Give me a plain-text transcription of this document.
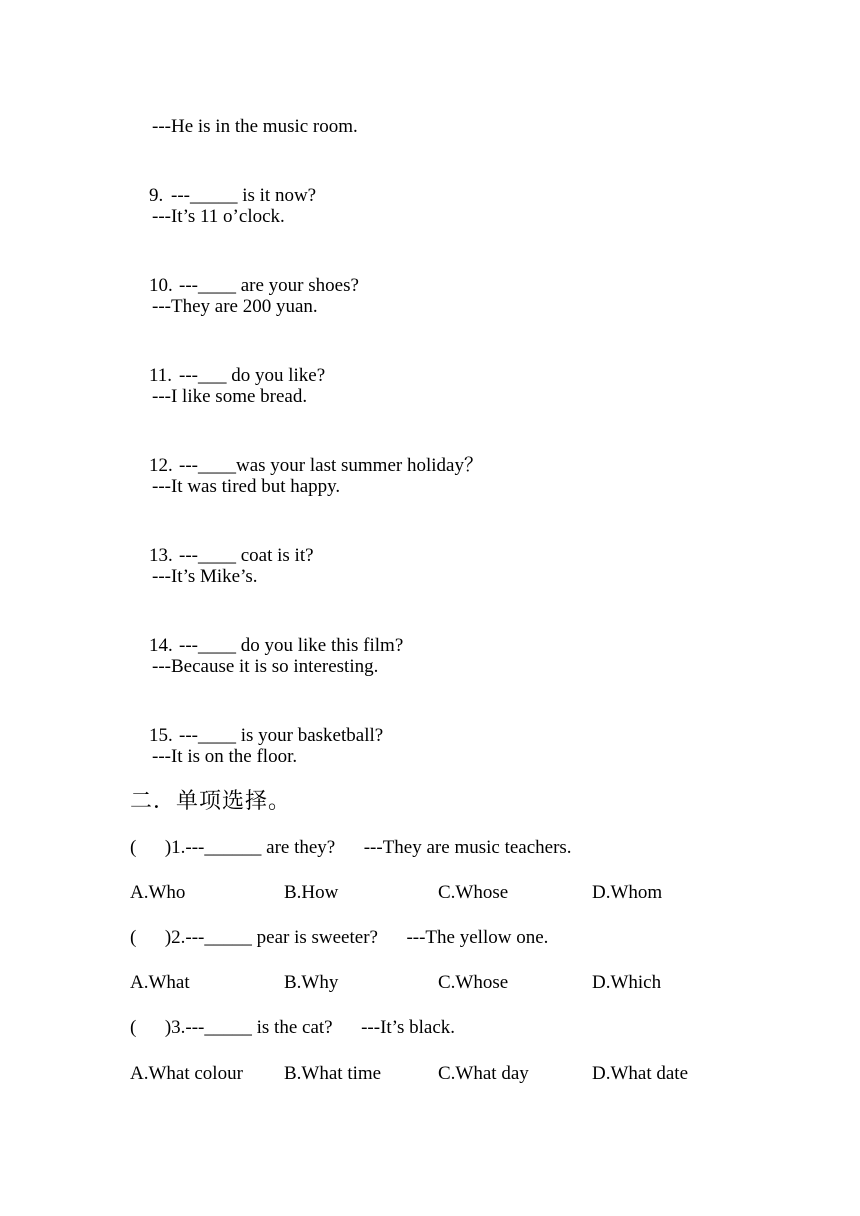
---He is in the music room.

9. ---_____ is it now?

---It’s 11 o’clock.

10. ---____ are your shoes?

---They are 200 yuan.

11. ---___ do you like?

---I like some bread.

12. ---____was your last summer holiday？

---It was tired but happy.

13. ---____ coat is it?

---It’s Mike’s.

14. ---____ do you like this film?

---Because it is so interesting.

15. ---____ is your basketball?

---It is on the floor.
二．单项选择。
(      )1.---______ are they?      ---They are music teachers.
A.Who	B.How	C.Whose	D.Whom
(      )2.---_____ pear is sweeter?      ---The yellow one.
A.What	B.Why	C.Whose	D.Which
(      )3.---_____ is the cat?      ---It’s black.
A.What colour B.What time	C.What day	D.What date
